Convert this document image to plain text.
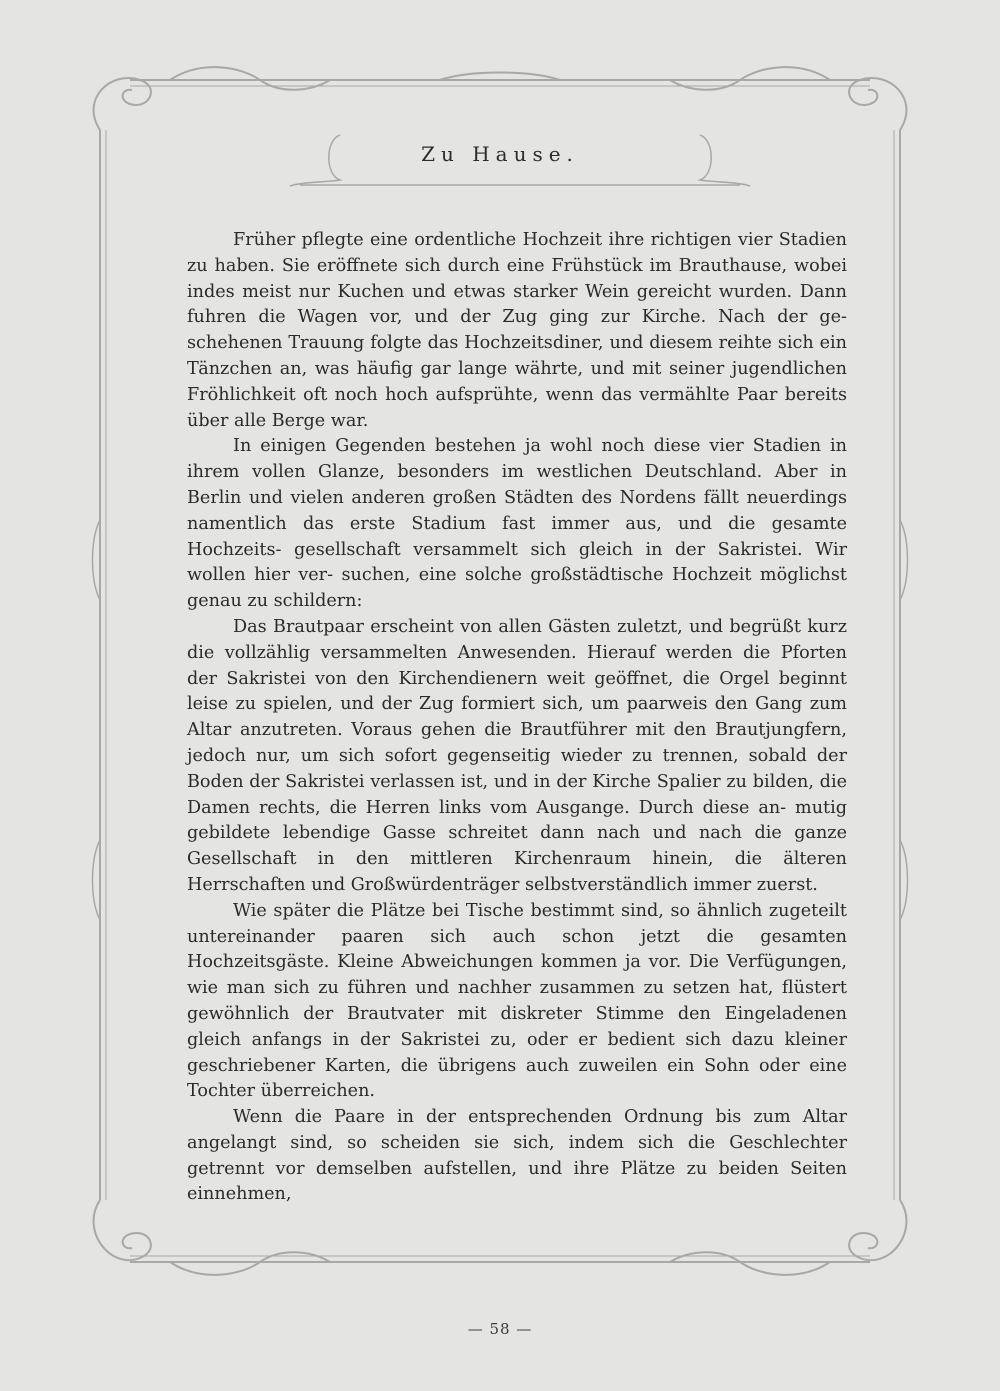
Zu Hause.

Früher pflegte eine ordentliche Hochzeit ihre richtigen vier Stadien zu haben. Sie eröffnete sich durch eine Frühstück im Brauthause, wobei indes meist nur Kuchen und etwas starker Wein gereicht wurden. Dann fuhren die Wagen vor, und der Zug ging zur Kirche. Nach der ge- schehenen Trauung folgte das Hochzeitsdiner, und diesem reihte sich ein Tänzchen an, was häufig gar lange währte, und mit seiner jugendlichen Fröhlichkeit oft noch hoch aufsprühte, wenn das vermählte Paar bereits über alle Berge war.

In einigen Gegenden bestehen ja wohl noch diese vier Stadien in ihrem vollen Glanze, besonders im westlichen Deutschland. Aber in Berlin und vielen anderen großen Städten des Nordens fällt neuerdings namentlich das erste Stadium fast immer aus, und die gesamte Hochzeits- gesellschaft versammelt sich gleich in der Sakristei. Wir wollen hier ver- suchen, eine solche großstädtische Hochzeit möglichst genau zu schildern:

Das Brautpaar erscheint von allen Gästen zuletzt, und begrüßt kurz die vollzählig versammelten Anwesenden. Hierauf werden die Pforten der Sakristei von den Kirchendienern weit geöffnet, die Orgel beginnt leise zu spielen, und der Zug formiert sich, um paarweis den Gang zum Altar anzutreten. Voraus gehen die Brautführer mit den Brautjungfern, jedoch nur, um sich sofort gegenseitig wieder zu trennen, sobald der Boden der Sakristei verlassen ist, und in der Kirche Spalier zu bilden, die Damen rechts, die Herren links vom Ausgange. Durch diese an- mutig gebildete lebendige Gasse schreitet dann nach und nach die ganze Gesellschaft in den mittleren Kirchenraum hinein, die älteren Herrschaften und Großwürdenträger selbstverständlich immer zuerst.

Wie später die Plätze bei Tische bestimmt sind, so ähnlich zugeteilt untereinander paaren sich auch schon jetzt die gesamten Hochzeitsgäste. Kleine Abweichungen kommen ja vor. Die Verfügungen, wie man sich zu führen und nachher zusammen zu setzen hat, flüstert gewöhnlich der Brautvater mit diskreter Stimme den Eingeladenen gleich anfangs in der Sakristei zu, oder er bedient sich dazu kleiner geschriebener Karten, die übrigens auch zuweilen ein Sohn oder eine Tochter überreichen.

Wenn die Paare in der entsprechenden Ordnung bis zum Altar angelangt sind, so scheiden sie sich, indem sich die Geschlechter getrennt vor demselben aufstellen, und ihre Plätze zu beiden Seiten einnehmen,

— 58 —
